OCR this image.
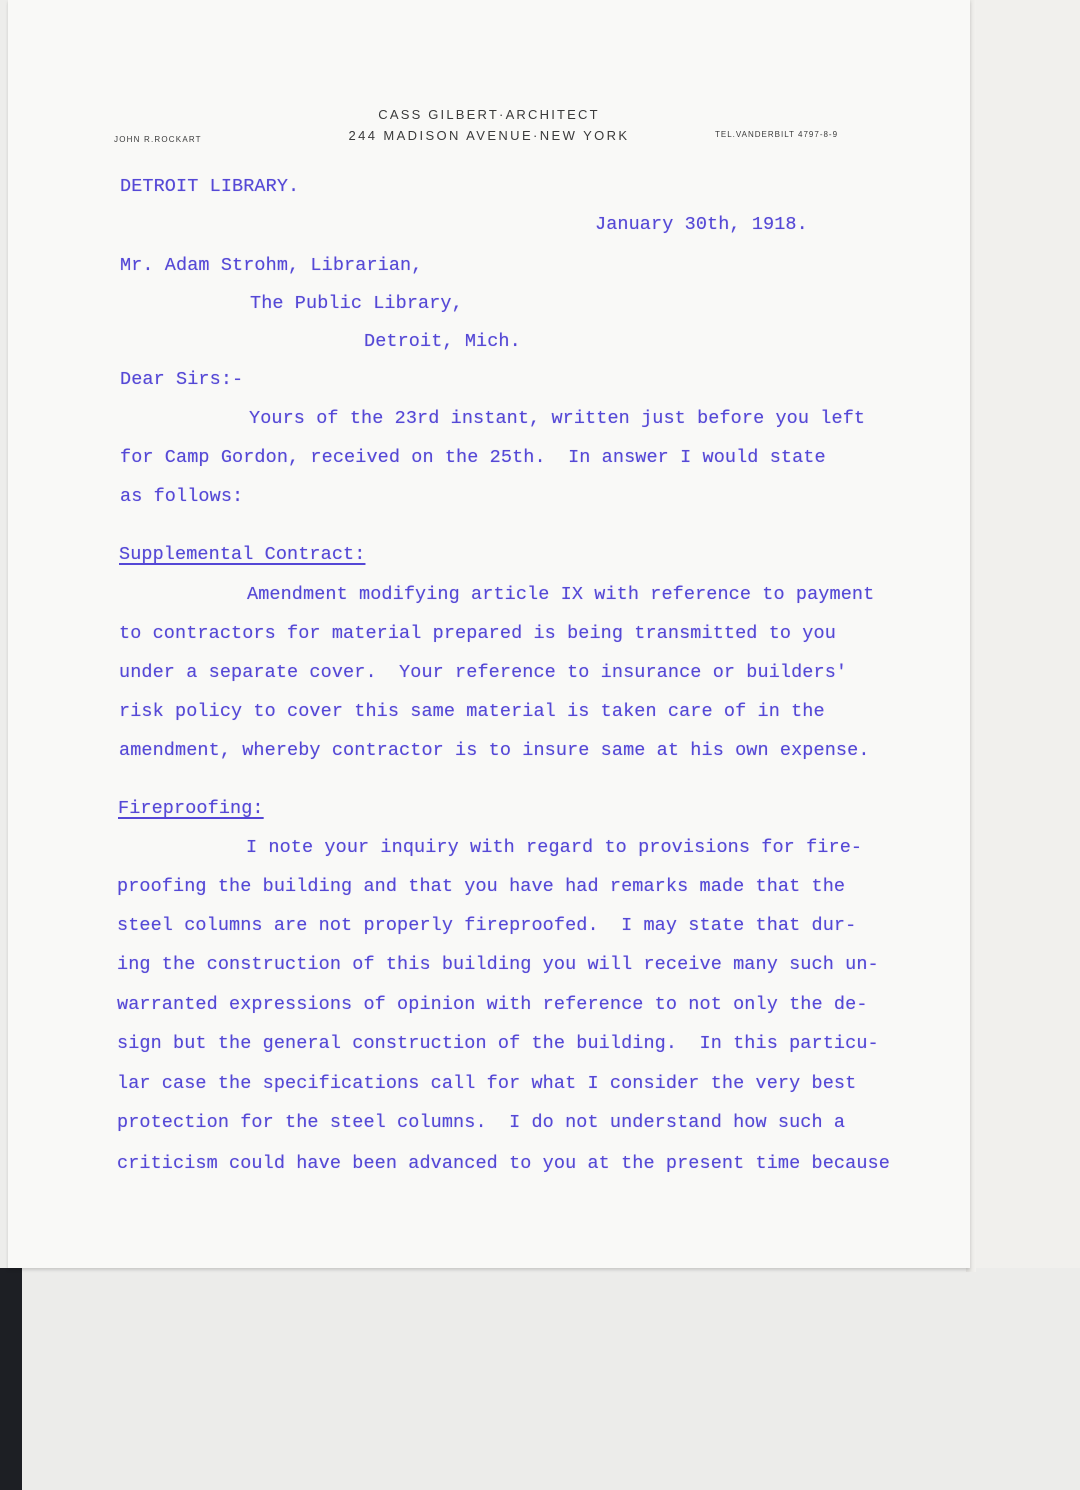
CASS GILBERT·ARCHITECT
244 MADISON AVENUE·NEW YORK
JOHN R.ROCKART
TEL.VANDERBILT 4797-8-9
DETROIT LIBRARY.
January 30th, 1918.
Mr. Adam Strohm, Librarian,
The Public Library,
Detroit, Mich.
Dear Sirs:-
Yours of the 23rd instant, written just before you left
for Camp Gordon, received on the 25th.  In answer I would state
as follows:
Supplemental Contract:
Amendment modifying article IX with reference to payment
to contractors for material prepared is being transmitted to you
under a separate cover.  Your reference to insurance or builders'
risk policy to cover this same material is taken care of in the
amendment, whereby contractor is to insure same at his own expense.
Fireproofing:
I note your inquiry with regard to provisions for fire-
proofing the building and that you have had remarks made that the
steel columns are not properly fireproofed.  I may state that dur-
ing the construction of this building you will receive many such un-
warranted expressions of opinion with reference to not only the de-
sign but the general construction of the building.  In this particu-
lar case the specifications call for what I consider the very best
protection for the steel columns.  I do not understand how such a
criticism could have been advanced to you at the present time because
